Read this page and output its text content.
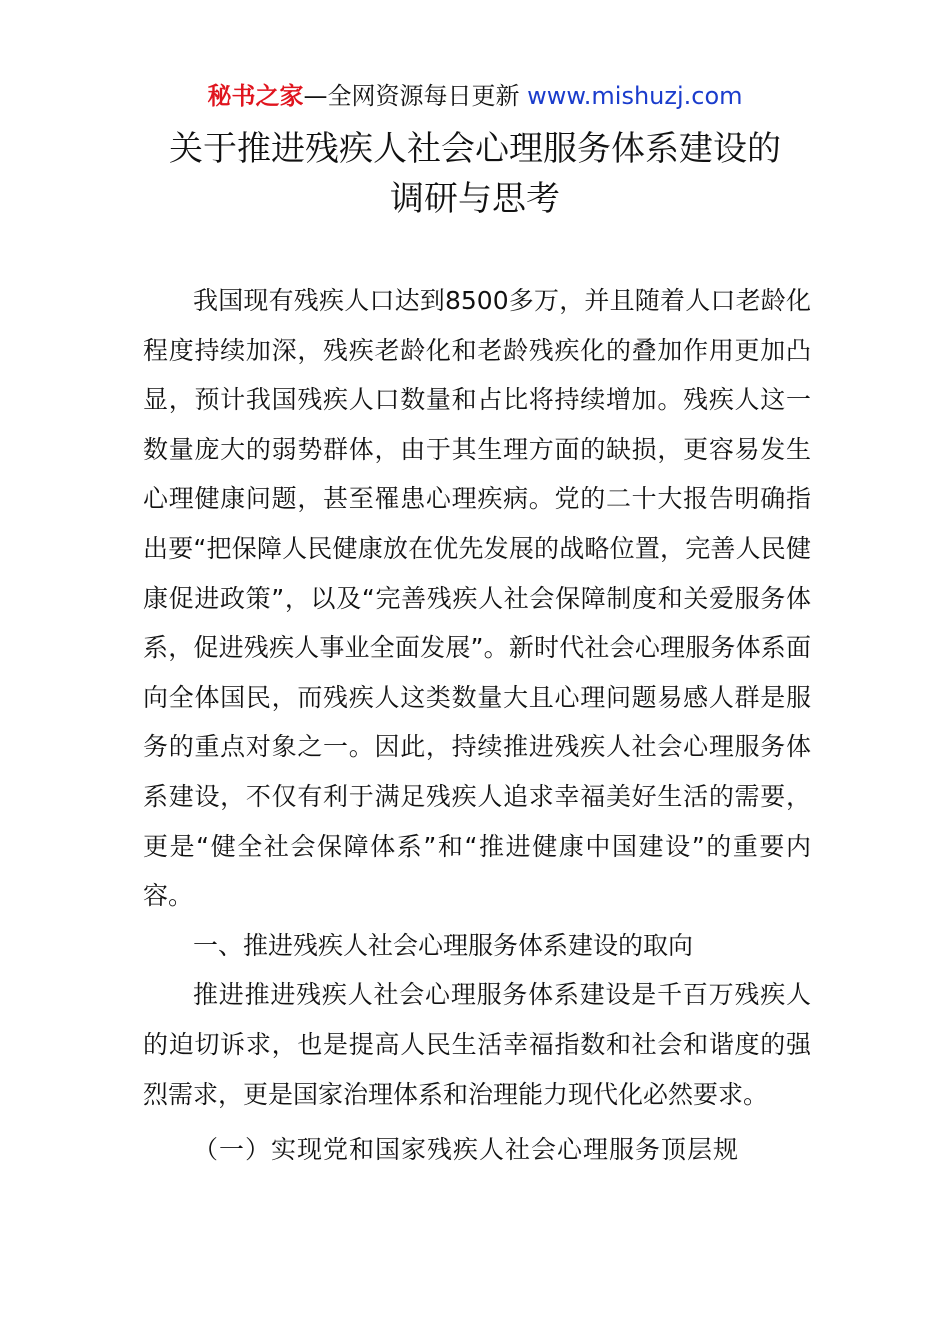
秘书之家—全网资源每日更新 www.mishuzj.com
关于推进残疾人社会心理服务体系建设的
调研与思考

我国现有残疾人口达到8500多万，并且随着人口老龄化程度持续加深，残疾老龄化和老龄残疾化的叠加作用更加凸显，预计我国残疾人口数量和占比将持续增加。残疾人这一数量庞大的弱势群体，由于其生理方面的缺损，更容易发生心理健康问题，甚至罹患心理疾病。党的二十大报告明确指出要“把保障人民健康放在优先发展的战略位置，完善人民健康促进政策”，以及“完善残疾人社会保障制度和关爱服务体系，促进残疾人事业全面发展”。新时代社会心理服务体系面向全体国民，而残疾人这类数量大且心理问题易感人群是服务的重点对象之一。因此，持续推进残疾人社会心理服务体系建设，不仅有利于满足残疾人追求幸福美好生活的需要，更是“健全社会保障体系”和“推进健康中国建设”的重要内容。

一、推进残疾人社会心理服务体系建设的取向

推进推进残疾人社会心理服务体系建设是千百万残疾人的迫切诉求，也是提高人民生活幸福指数和社会和谐度的强烈需求，更是国家治理体系和治理能力现代化必然要求。

（一）实现党和国家残疾人社会心理服务顶层规
